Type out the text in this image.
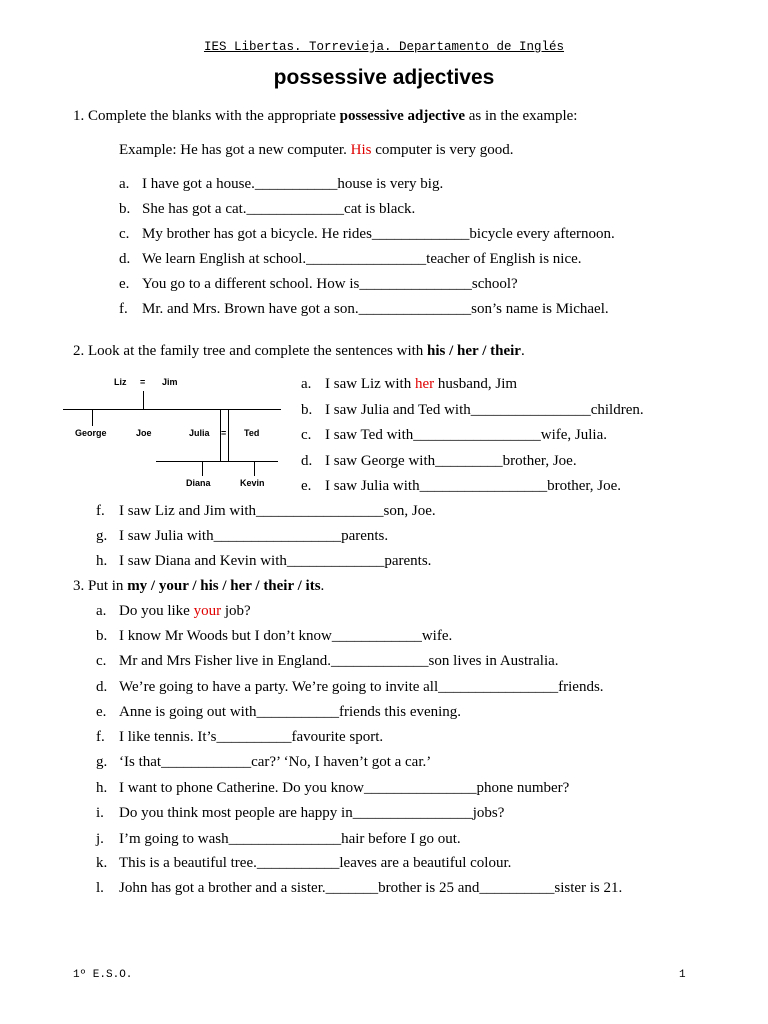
IES Libertas. Torrevieja. Departamento de Inglés
possessive adjectives
1. Complete the blanks with the appropriate possessive adjective as in the example:
Example: He has got a new computer. His computer is very good.
a. I have got a house.___________house is very big.
b. She has got a cat._____________cat is black.
c. My brother has got a bicycle. He rides_____________bicycle every afternoon.
d. We learn English at school.________________teacher of English is nice.
e. You go to a different school. How is_______________school?
f. Mr. and Mrs. Brown have got a son._______________son’s name is Michael.
2. Look at the family tree and complete the sentences with his / her / their.
Liz = Jim
George	Joe	Julia = Ted
Diana	Kevin
a. I saw Liz with her husband, Jim
b. I saw Julia and Ted with________________children.
c. I saw Ted with_________________wife, Julia.
d. I saw George with_________brother, Joe.
e. I saw Julia with_________________brother, Joe.
f. I saw Liz and Jim with_________________son, Joe.
g. I saw Julia with_________________parents.
h. I saw Diana and Kevin with_____________parents.
3. Put in my / your / his / her / their / its.
a. Do you like your job?
b. I know Mr Woods but I don’t know____________wife.
c. Mr and Mrs Fisher live in England._____________son lives in Australia.
d. We’re going to have a party. We’re going to invite all________________friends.
e. Anne is going out with___________friends this evening.
f. I like tennis. It’s__________favourite sport.
g. ‘Is that____________car?’ ‘No, I haven’t got a car.’
h. I want to phone Catherine. Do you know_______________phone number?
i. Do you think most people are happy in________________jobs?
j. I’m going to wash_______________hair before I go out.
k. This is a beautiful tree.___________leaves are a beautiful colour.
l. John has got a brother and a sister._______brother is 25 and__________sister is 21.
1º E.S.O.	1
